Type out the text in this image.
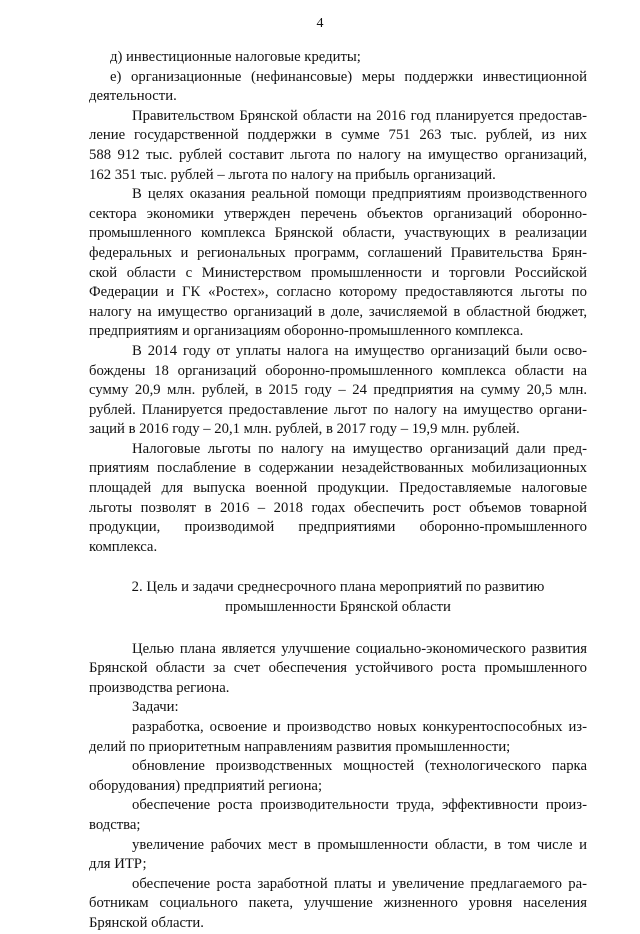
4

д) инвестиционные налоговые кредиты;
е) организационные (нефинансовые) меры поддержки инвестиционной
деятельности.

Правительством Брянской области на 2016 год планируется предостав-
ление государственной поддержки в сумме 751 263 тыс. рублей, из них
588 912 тыс. рублей составит льгота по налогу на имущество организаций,
162 351 тыс. рублей – льгота по налогу на прибыль организаций.

В целях оказания реальной помощи предприятиям производственного
сектора экономики утвержден перечень объектов организаций оборонно-
промышленного комплекса Брянской области, участвующих в реализации
федеральных и региональных программ, соглашений Правительства Брян-
ской области с Министерством промышленности и торговли Российской
Федерации и ГК «Ростех», согласно которому предоставляются льготы по
налогу на имущество организаций в доле, зачисляемой в областной бюджет,
предприятиям и организациям оборонно-промышленного комплекса.

В 2014 году от уплаты налога на имущество организаций были осво-
бождены 18 организаций оборонно-промышленного комплекса области на
сумму 20,9 млн. рублей, в 2015 году – 24 предприятия на сумму 20,5 млн.
рублей. Планируется предоставление льгот по налогу на имущество органи-
заций в 2016 году – 20,1 млн. рублей, в 2017 году – 19,9 млн. рублей.

Налоговые льготы по налогу на имущество организаций дали пред-
приятиям послабление в содержании незадействованных мобилизационных
площадей для выпуска военной продукции. Предоставляемые налоговые
льготы позволят в 2016 – 2018 годах обеспечить рост объемов товарной
продукции, производимой предприятиями оборонно-промышленного
комплекса.

2. Цель и задачи среднесрочного плана мероприятий по развитию
промышленности Брянской области

Целью плана является улучшение социально-экономического развития
Брянской области за счет обеспечения устойчивого роста промышленного
производства региона.

Задачи:

разработка, освоение и производство новых конкурентоспособных из-
делий по приоритетным направлениям развития промышленности;

обновление производственных мощностей (технологического парка
оборудования) предприятий региона;

обеспечение роста производительности труда, эффективности произ-
водства;

увеличение рабочих мест в промышленности области, в том числе и
для ИТР;

обеспечение роста заработной платы и увеличение предлагаемого ра-
ботникам социального пакета, улучшение жизненного уровня населения
Брянской области.
